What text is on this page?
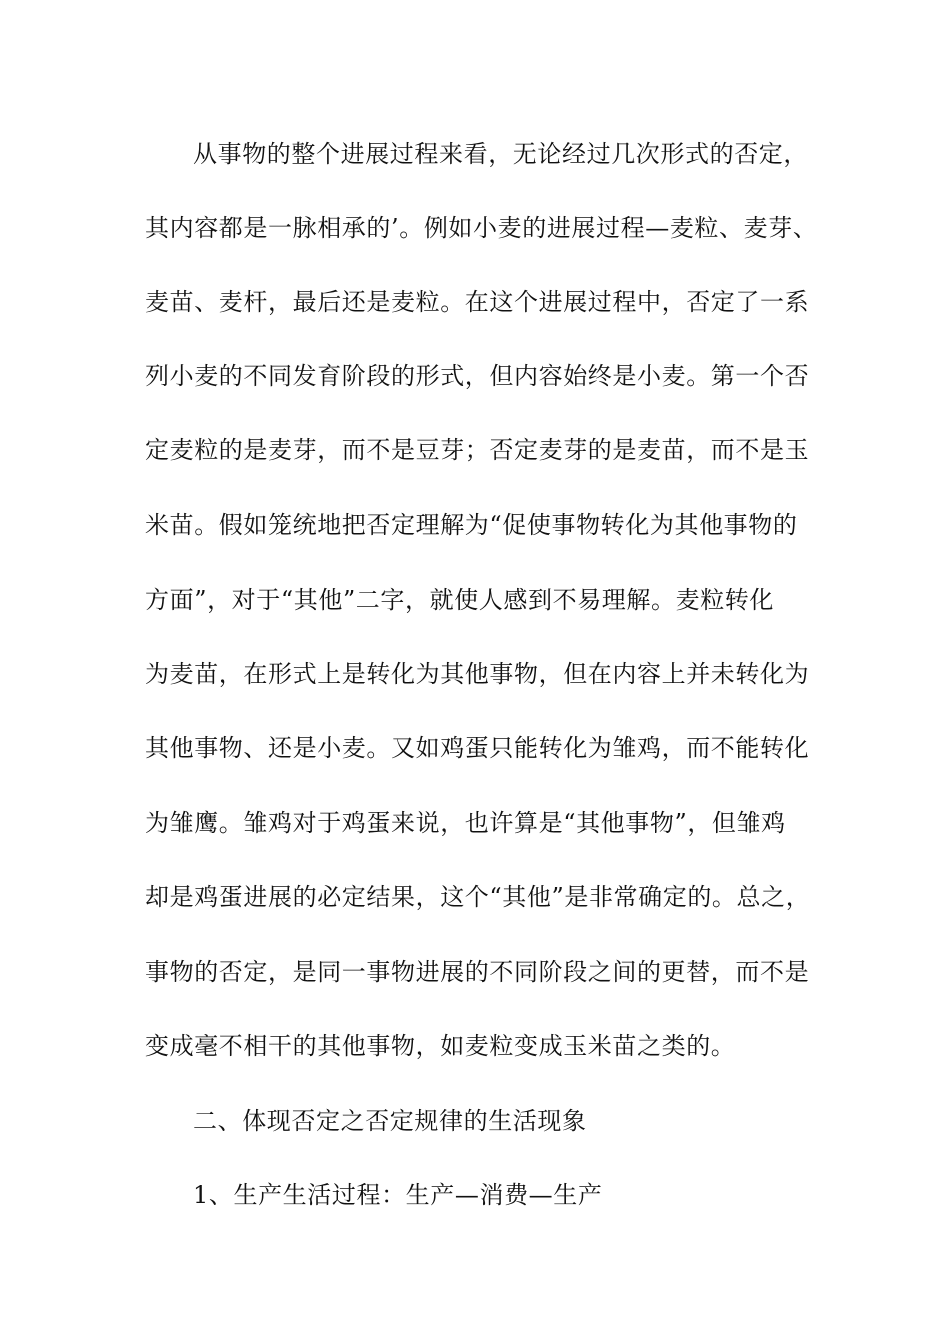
从事物的整个进展过程来看，无论经过几次形式的否定，
其内容都是一脉相承的’。例如小麦的进展过程—麦粒、麦芽、
麦苗、麦杆，最后还是麦粒。在这个进展过程中，否定了一系
列小麦的不同发育阶段的形式，但内容始终是小麦。第一个否
定麦粒的是麦芽，而不是豆芽；否定麦芽的是麦苗，而不是玉
米苗。假如笼统地把否定理解为“促使事物转化为其他事物的
方面”，对于“其他”二字，就使人感到不易理解。麦粒转化
为麦苗，在形式上是转化为其他事物，但在内容上并未转化为
其他事物、还是小麦。又如鸡蛋只能转化为雏鸡，而不能转化
为雏鹰。雏鸡对于鸡蛋来说，也许算是“其他事物”，但雏鸡
却是鸡蛋进展的必定结果，这个“其他”是非常确定的。总之，
事物的否定，是同一事物进展的不同阶段之间的更替，而不是
变成毫不相干的其他事物，如麦粒变成玉米苗之类的。
二、体现否定之否定规律的生活现象
1、生产生活过程：生产—消费—生产
